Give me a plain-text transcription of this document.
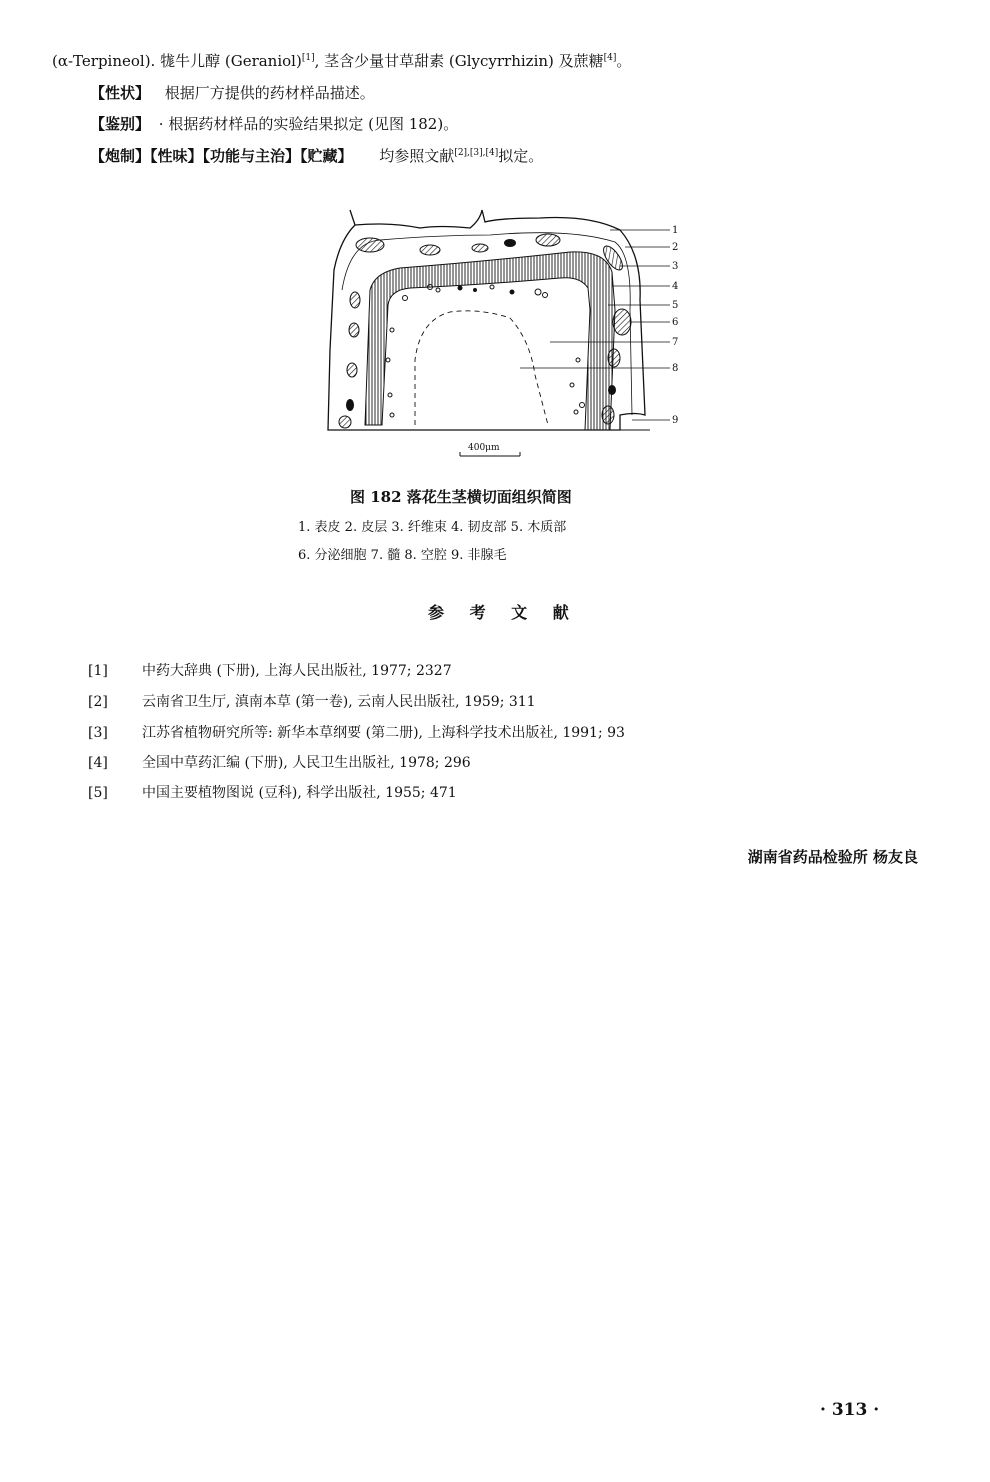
(α-Terpineol). 牻牛儿醇 (Geraniol)[1], 茎含少量甘草甜素 (Glycyrrhizin) 及蔗糖[4]。
【性状】 根据厂方提供的药材样品描述。
【鉴别】 · 根据药材样品的实验结果拟定 (见图 182)。
【炮制】【性味】【功能与主治】【贮藏】 均参照文献[2],[3],[4]拟定。
1
2
3
4
5
6
7
8
9
400μm
图 182 落花生茎横切面组织简图
1. 表皮 2. 皮层 3. 纤维束 4. 韧皮部 5. 木质部
6. 分泌细胞 7. 髓 8. 空腔 9. 非腺毛
参 考 文 献
[1] 中药大辞典 (下册), 上海人民出版社, 1977; 2327
[2] 云南省卫生厅, 滇南本草 (第一卷), 云南人民出版社, 1959; 311
[3] 江苏省植物研究所等: 新华本草纲要 (第二册), 上海科学技术出版社, 1991; 93
[4] 全国中草药汇编 (下册), 人民卫生出版社, 1978; 296
[5] 中国主要植物图说 (豆科), 科学出版社, 1955; 471
湖南省药品检验所 杨友良
· 313 ·
